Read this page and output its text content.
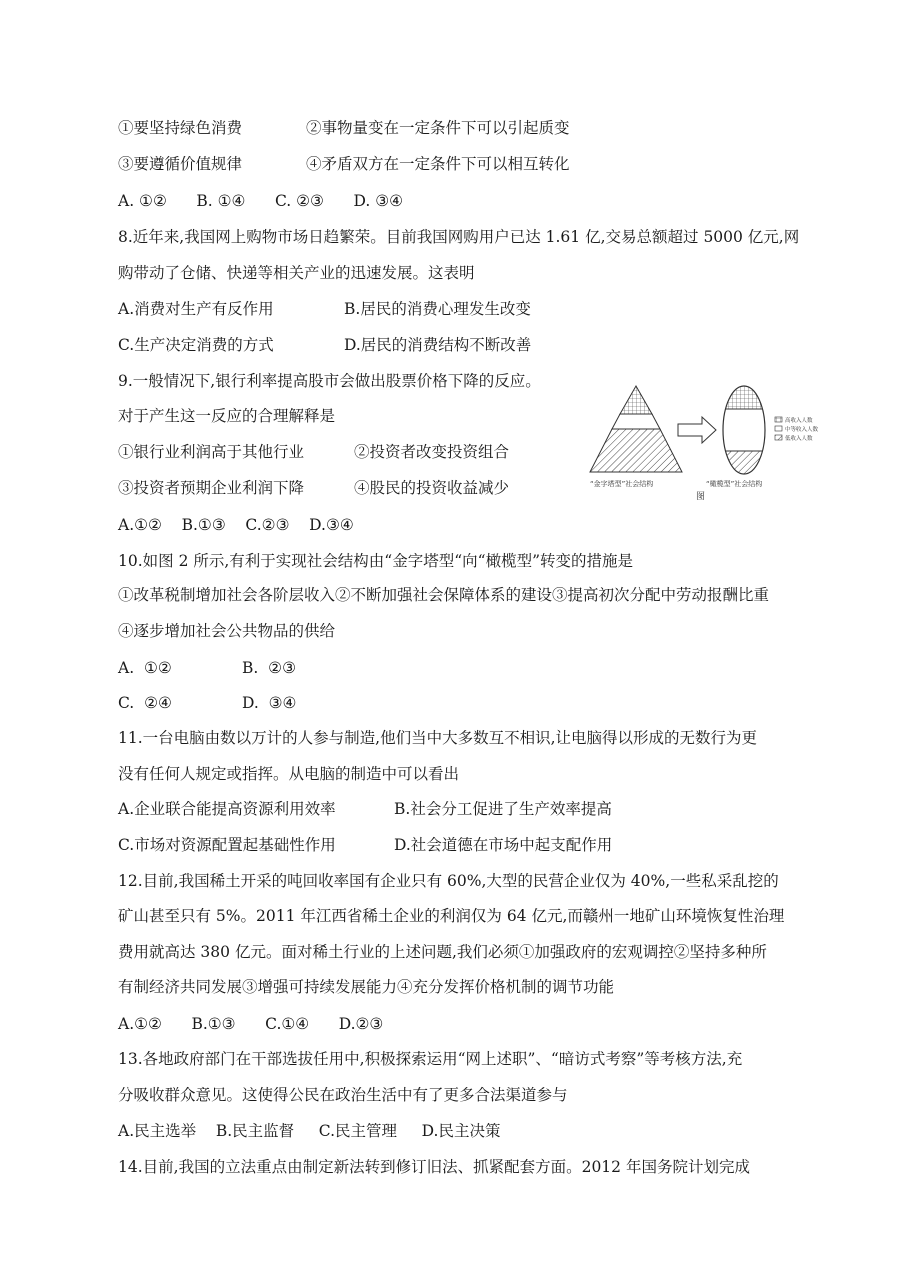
①要坚持绿色消费	②事物量变在一定条件下可以引起质变
③要遵循价值规律	④矛盾双方在一定条件下可以相互转化
A. ①②      B. ①④      C. ②③      D. ③④
8.近年来,我国网上购物市场日趋繁荣。目前我国网购用户已达 1.61 亿,交易总额超过 5000 亿元,网
购带动了仓储、快递等相关产业的迅速发展。这表明
A.消费对生产有反作用	B.居民的消费心理发生改变
C.生产决定消费的方式	D.居民的消费结构不断改善
9.一般情况下,银行利率提高股市会做出股票价格下降的反应。
对于产生这一反应的合理解释是
①银行业利润高于其他行业	②投资者改变投资组合
③投资者预期企业利润下降	④股民的投资收益减少
A.①②    B.①③    C.②③    D.③④
高收入人数
中等收入人数
低收入人数
“金字塔型”社会结构	“橄榄型”社会结构
图
10.如图 2 所示,有利于实现社会结构由“金字塔型“向“橄榄型”转变的措施是
①改革税制增加社会各阶层收入②不断加强社会保障体系的建设③提高初次分配中劳动报酬比重
④逐步增加社会公共物品的供给
A.  ①②	B.  ②③
C.  ②④	D.  ③④
11.一台电脑由数以万计的人参与制造,他们当中大多数互不相识,让电脑得以形成的无数行为更
没有任何人规定或指挥。从电脑的制造中可以看出
A.企业联合能提高资源利用效率	B.社会分工促进了生产效率提高
C.市场对资源配置起基础性作用	D.社会道德在市场中起支配作用
12.目前,我国稀土开采的吨回收率国有企业只有 60%,大型的民营企业仅为 40%,一些私采乱挖的
矿山甚至只有 5%。2011 年江西省稀土企业的利润仅为 64 亿元,而赣州一地矿山环境恢复性治理
费用就高达 380 亿元。面对稀土行业的上述问题,我们必须①加强政府的宏观调控②坚持多种所
有制经济共同发展③增强可持续发展能力④充分发挥价格机制的调节功能
A.①②      B.①③      C.①④      D.②③
13.各地政府部门在干部选拔任用中,积极探索运用“网上述职”、“暗访式考察”等考核方法,充
分吸收群众意见。这使得公民在政治生活中有了更多合法渠道参与
A.民主选举    B.民主监督     C.民主管理     D.民主决策
14.目前,我国的立法重点由制定新法转到修订旧法、抓紧配套方面。2012 年国务院计划完成
